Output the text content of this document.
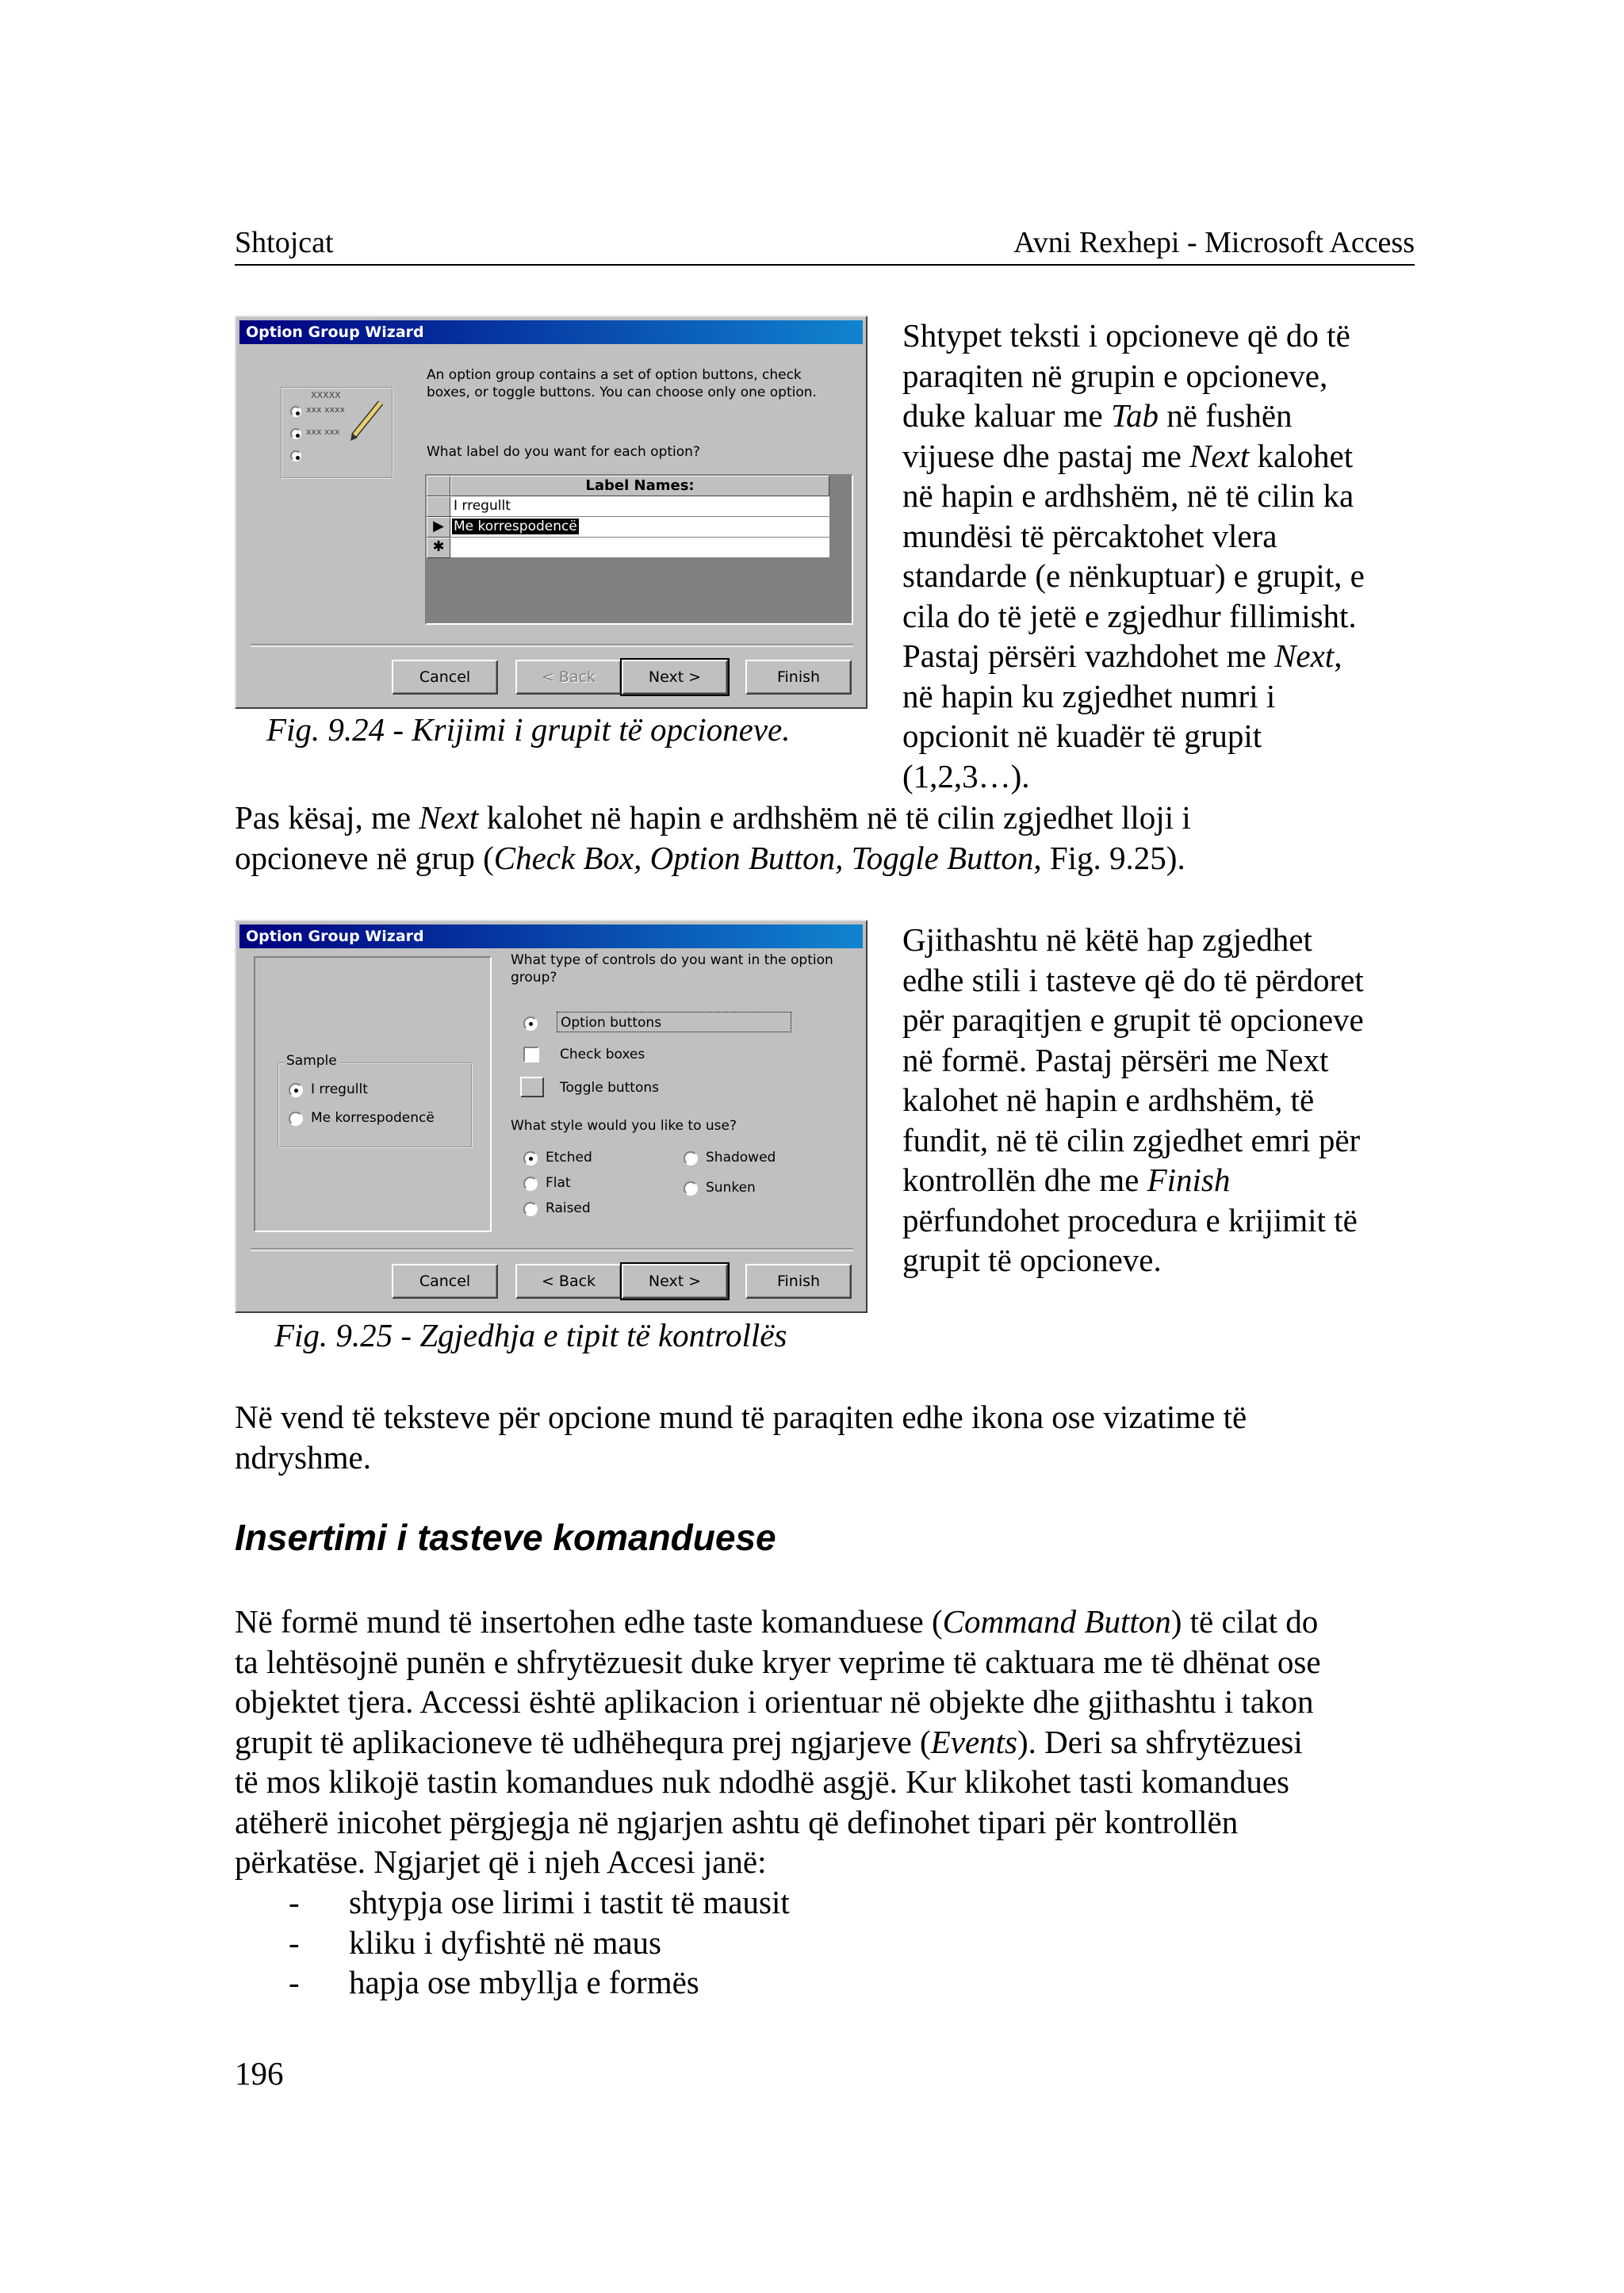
Shtojcat	Avni Rexhepi - Microsoft Access
Option Group Wizard
XXXXX
xxx xxxx
xxx xxx
An option group contains a set of option buttons, check boxes, or toggle buttons. You can choose only one option.
What label do you want for each option?
Label Names:
I rregullt
▶ Me korrespodencë
✱
Cancel	< Back	Next >	Finish
Fig. 9.24 - Krijimi i grupit të opcioneve.

Shtypet teksti i opcioneve që do të

paraqiten në grupin e opcioneve,

duke kaluar me Tab në fushën

vijuese dhe pastaj me Next kalohet

në hapin e ardhshëm, në të cilin ka

mundësi të përcaktohet vlera

standarde (e nënkuptuar) e grupit, e

cila do të jetë e zgjedhur fillimisht.

Pastaj përsëri vazhdohet me Next,

në hapin ku zgjedhet numri i

opcionit në kuadër të grupit

(1,2,3…).

Pas kësaj, me Next kalohet në hapin e ardhshëm në të cilin zgjedhet lloji i

opcioneve në grup (Check Box, Option Button, Toggle Button, Fig. 9.25).

Option Group Wizard
Sample
I rregullt
Me korrespodencë
What type of controls do you want in the option group?
Option buttons
Check boxes
Toggle buttons
What style would you like to use?
Etched
Flat
Raised
Shadowed
Sunken
Cancel	< Back	Next >	Finish
Fig. 9.25 - Zgjedhja e tipit të kontrollës

Gjithashtu në këtë hap zgjedhet

edhe stili i tasteve që do të përdoret

për paraqitjen e grupit të opcioneve

në formë. Pastaj përsëri me Next

kalohet në hapin e ardhshëm, të

fundit, në të cilin zgjedhet emri për

kontrollën dhe me Finish

përfundohet procedura e krijimit të

grupit të opcioneve.

Në vend të teksteve për opcione mund të paraqiten edhe ikona ose vizatime të

ndryshme.

Insertimi i tasteve komanduese

Në formë mund të insertohen edhe taste komanduese (Command Button) të cilat do

ta lehtësojnë punën e shfrytëzuesit duke kryer veprime të caktuara me të dhënat ose

objektet tjera. Accessi është aplikacion i orientuar në objekte dhe gjithashtu i takon

grupit të aplikacioneve të udhëhequra prej ngjarjeve (Events). Deri sa shfrytëzuesi

të mos klikojë tastin komandues nuk ndodhë asgjë. Kur klikohet tasti komandues

atëherë inicohet përgjegja në ngjarjen ashtu që definohet tipari për kontrollën

përkatëse. Ngjarjet që i njeh Accesi janë:

- shtypja ose lirimi i tastit të mausit
- kliku i dyfishtë në maus
- hapja ose mbyllja e formës
196
